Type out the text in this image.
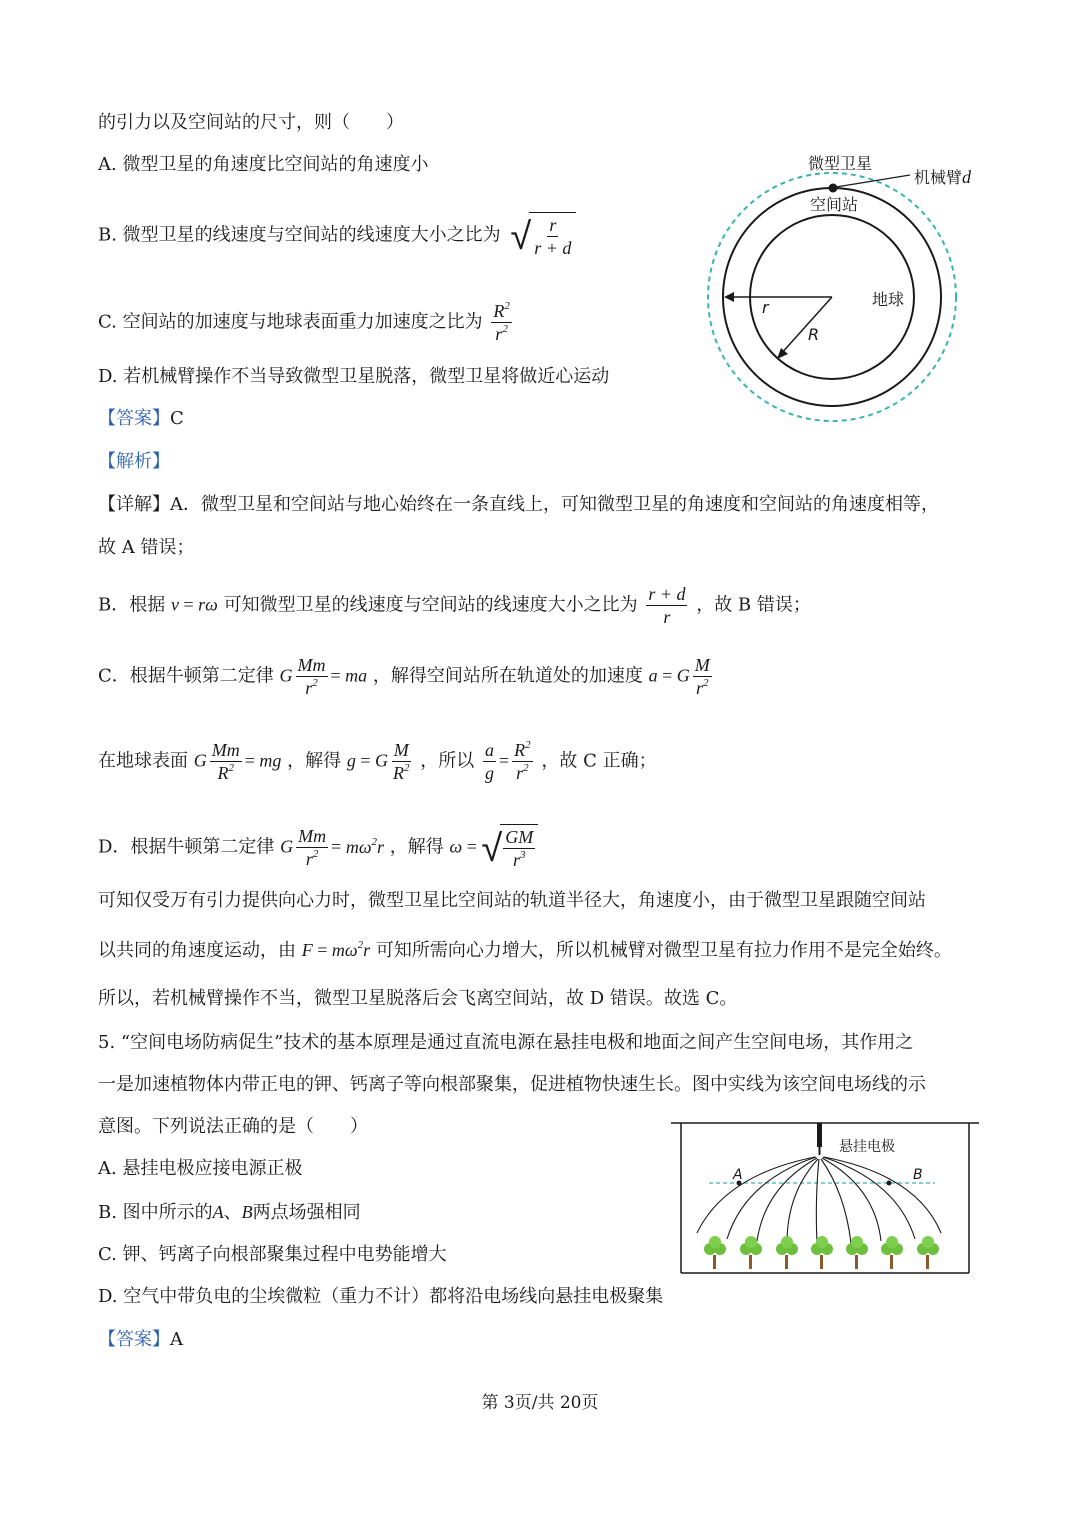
的引力以及空间站的尺寸，则（　　）
A. 微型卫星的角速度比空间站的角速度小
B. 微型卫星的线速度与空间站的线速度大小之比为 √ $\frac{r}{r + d}$
C. 空间站的加速度与地球表面重力加速度之比为 $\frac{R^2}{r^2}$
D. 若机械臂操作不当导致微型卫星脱落，微型卫星将做近心运动
【答案】C
【解析】
【详解】A．微型卫星和空间站与地心始终在一条直线上，可知微型卫星的角速度和空间站的角速度相等，
故 A 错误；
B．根据 v = rω 可知微型卫星的线速度与空间站的线速度大小之比为 $\frac{r + d}{r}$ ，故 B 错误；
C．根据牛顿第二定律 G $\frac{Mm}{r^2}$ = ma ，解得空间站所在轨道处的加速度 a = G $\frac{M}{r^2}$
在地球表面 G $\frac{Mm}{R^2}$ = mg ，解得 g = G $\frac{M}{R^2}$ ，所以 $\frac{a}{g} = \frac{R^2}{r^2}$ ，故 C 正确；
D．根据牛顿第二定律 G $\frac{Mm}{r^2} = m\omega^2r$ ，解得 ω = √ $\frac{GM}{r^3}$
可知仅受万有引力提供向心力时，微型卫星比空间站的轨道半径大，角速度小，由于微型卫星跟随空间站
以共同的角速度运动，由 $F = m\omega^2r$ 可知所需向心力增大，所以机械臂对微型卫星有拉力作用不是完全始终。
所以，若机械臂操作不当，微型卫星脱落后会飞离空间站，故 D 错误。故选 C。
5. “空间电场防病促生”技术的基本原理是通过直流电源在悬挂电极和地面之间产生空间电场，其作用之
一是加速植物体内带正电的钾、钙离子等向根部聚集，促进植物快速生长。图中实线为该空间电场线的示
意图。下列说法正确的是（　　）
A. 悬挂电极应接电源正极
B. 图中所示的A、B两点场强相同
C. 钾、钙离子向根部聚集过程中电势能增大
D. 空气中带负电的尘埃微粒（重力不计）都将沿电场线向悬挂电极聚集
【答案】A
微型卫星
机械臂d
空间站
地球
r
R
悬挂电极
A	B
第 3页/共 20页
